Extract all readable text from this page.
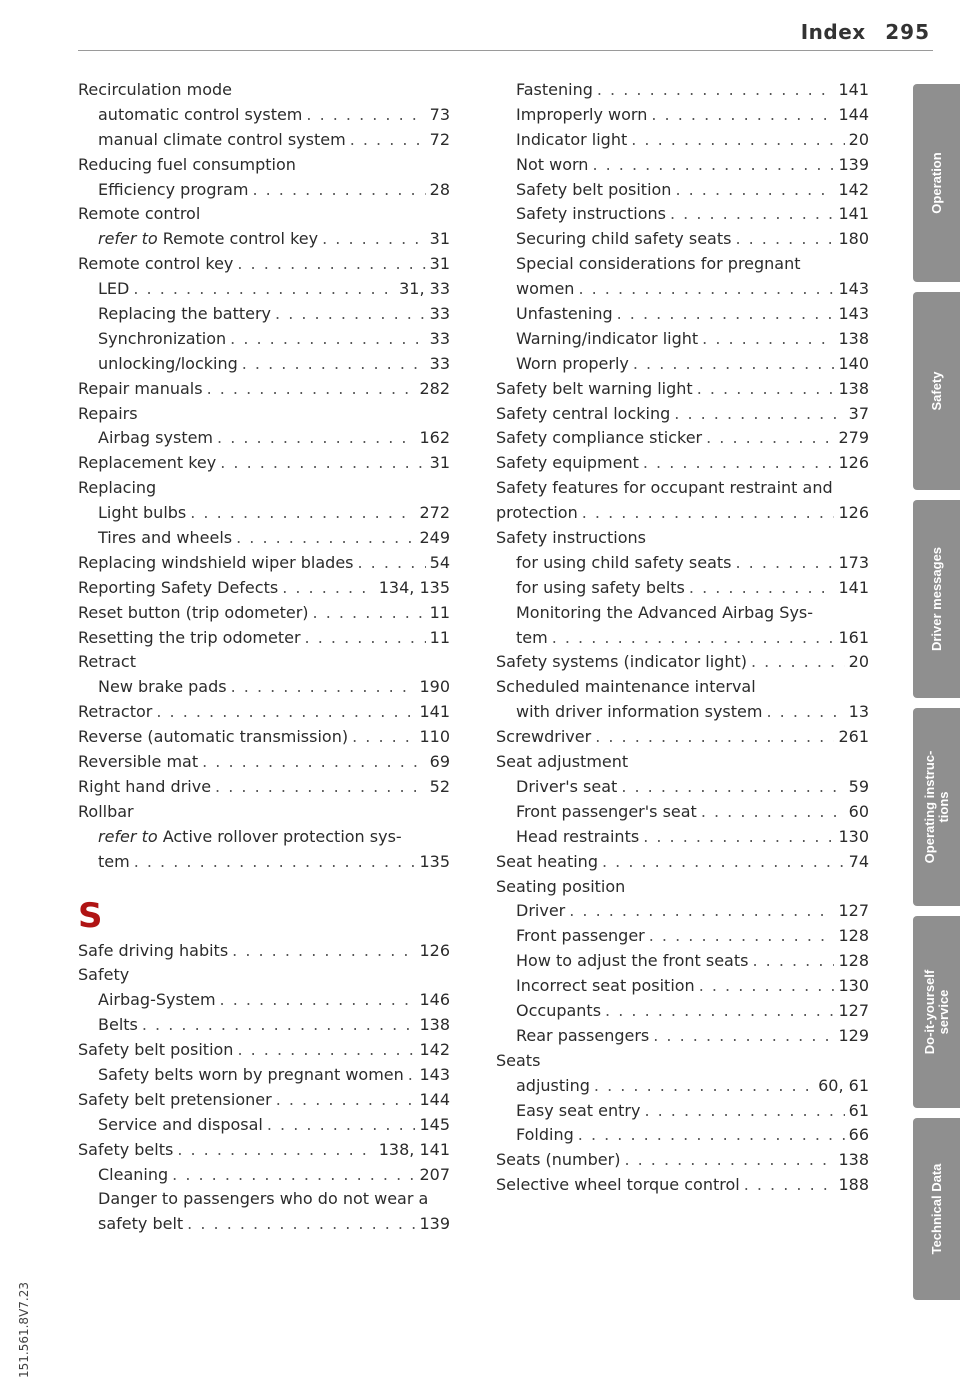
Index 295
Recirculation mode
automatic control system . . .	73
manual climate control system . . .	72
Reducing fuel consumption
Efficiency program . . .	28
Remote control
refer to Remote control key . . .	31
Remote control key . . .	31
LED . . .	31, 33
Replacing the battery . . .	33
Synchronization . . .	33
unlocking/locking . . .	33
Repair manuals . . .	282
Repairs
Airbag system . . .	162
Replacement key . . .	31
Replacing
Light bulbs . . .	272
Tires and wheels . . .	249
Replacing windshield wiper blades . . .	54
Reporting Safety Defects . . .	134, 135
Reset button (trip odometer) . . .	11
Resetting the trip odometer . . .	11
Retract
New brake pads . . .	190
Retractor . . .	141
Reverse (automatic transmission) . . .	110
Reversible mat . . .	69
Right hand drive . . .	52
Rollbar
refer to Active rollover protection sys-
tem . . .	135
S
Safe driving habits . . .	126
Safety
Airbag-System . . .	146
Belts . . .	138
Safety belt position . . .	142
Safety belts worn by pregnant women . . . 143
Safety belt pretensioner . . .	144
Service and disposal . . .	145
Safety belts . . .	138, 141
Cleaning . . .	207
Danger to passengers who do not wear a
safety belt . . .	139
Fastening . . .	141
Improperly worn . . .	144
Indicator light . . .	20
Not worn . . .	139
Safety belt position . . .	142
Safety instructions . . .	141
Securing child safety seats . . .	180
Special considerations for pregnant
women . . .	143
Unfastening . . .	143
Warning/indicator light . . .	138
Worn properly . . .	140
Safety belt warning light . . .	138
Safety central locking . . .	37
Safety compliance sticker . . .	279
Safety equipment . . .	126
Safety features for occupant restraint and
protection . . .	126
Safety instructions
for using child safety seats . . .	173
for using safety belts . . .	141
Monitoring the Advanced Airbag Sys-
tem . . .	161
Safety systems (indicator light) . . .	20
Scheduled maintenance interval
with driver information system . . .	13
Screwdriver . . .	261
Seat adjustment
Driver's seat . . .	59
Front passenger's seat . . .	60
Head restraints . . .	130
Seat heating . . .	74
Seating position
Driver . . .	127
Front passenger . . .	128
How to adjust the front seats . . .	128
Incorrect seat position . . .	130
Occupants . . .	127
Rear passengers . . .	129
Seats
adjusting . . .	60, 61
Easy seat entry . . .	61
Folding . . .	66
Seats (number) . . .	138
Selective wheel torque control . . .	188
Operation
Safety
Driver messages
Operating instruc-
tions
Do-it-yourself
service
Technical Data
151.561.8V7.23
